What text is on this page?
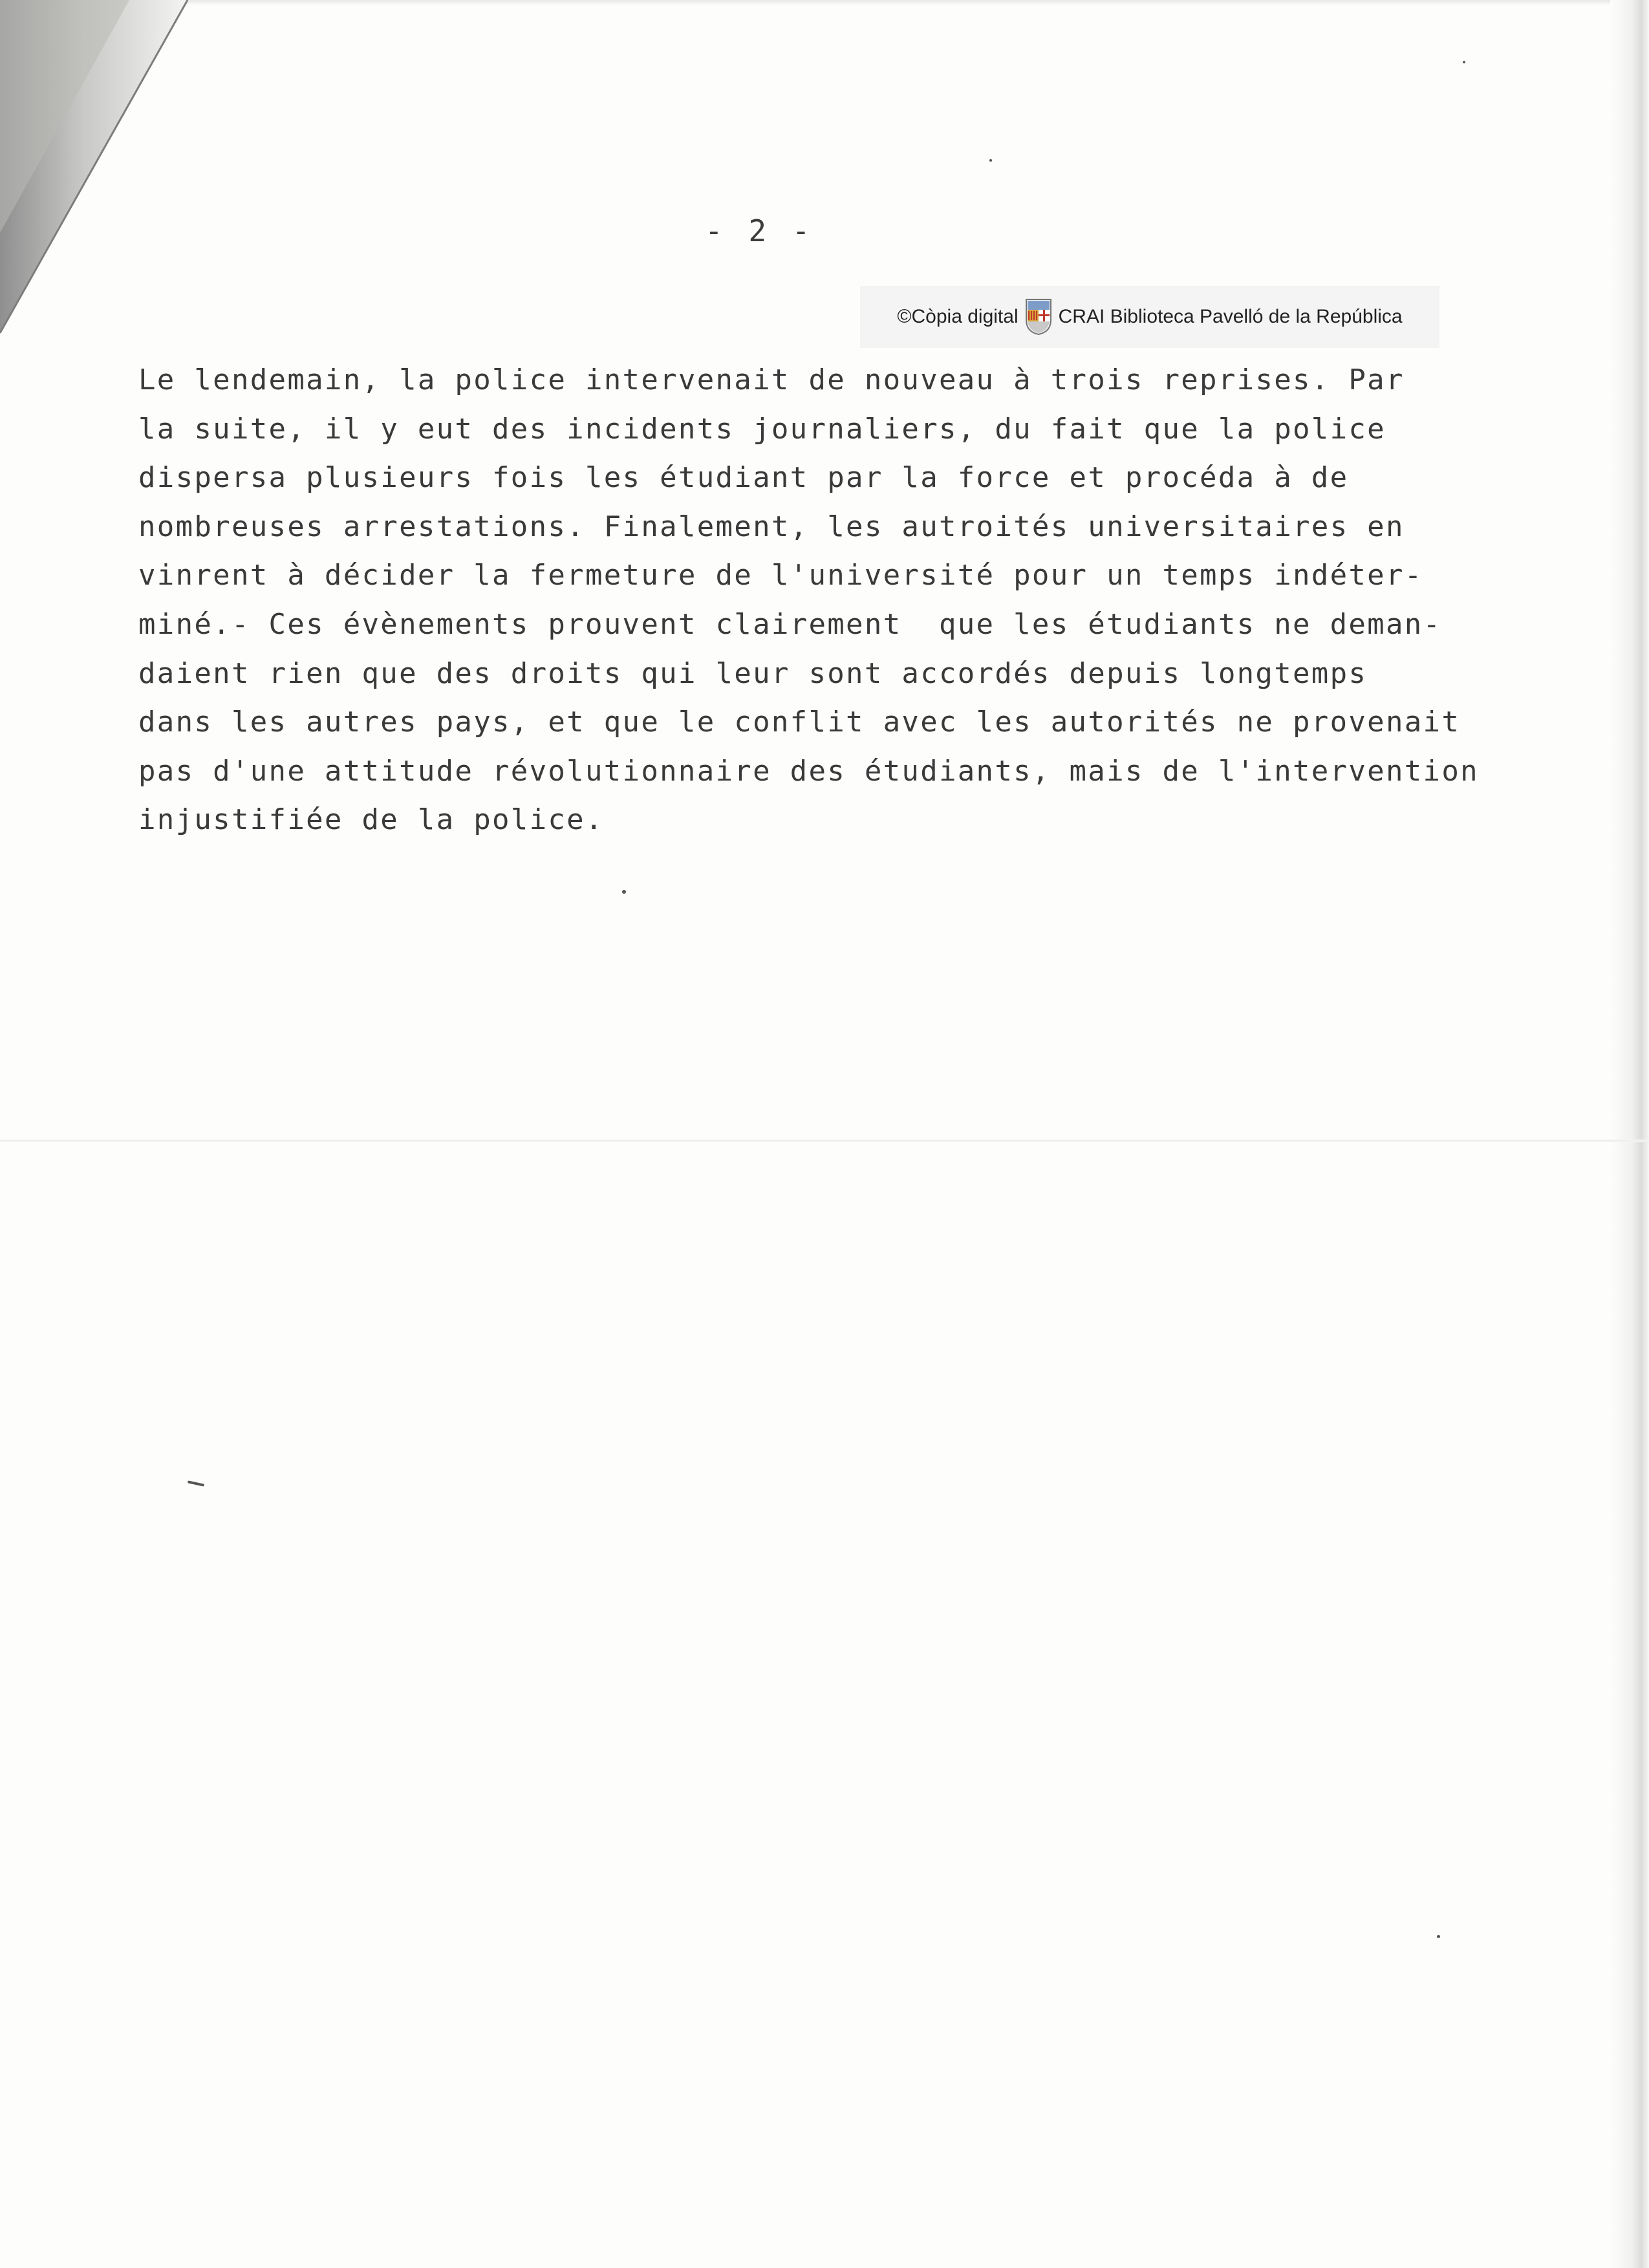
- 2 -
©Còpia digital CRAI Biblioteca Pavelló de la República
Le lendemain, la police intervenait de nouveau à trois reprises. Par
la suite, il y eut des incidents journaliers, du fait que la police
dispersa plusieurs fois les étudiant par la force et procéda à de
nombreuses arrestations. Finalement, les autroités universitaires en
vinrent à décider la fermeture de l'université pour un temps indéter-
miné.- Ces évènements prouvent clairement  que les étudiants ne deman-
daient rien que des droits qui leur sont accordés depuis longtemps
dans les autres pays, et que le conflit avec les autorités ne provenait
pas d'une attitude révolutionnaire des étudiants, mais de l'intervention
injustifiée de la police.
